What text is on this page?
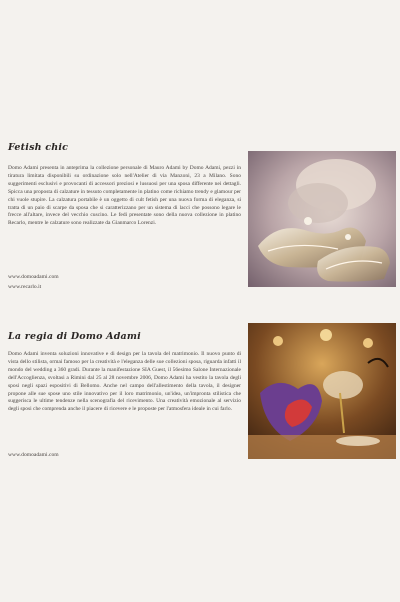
Fetish chic
Domo Adami presenta in anteprima la collezione personale di Mauro Adami by Domo Adami, pezzi in tiratura limitata disponibili su ordinazione solo nell'Atelier di via Manzoni, 23 a Milano. Sono suggerimenti esclusivi e provocanti di accessori preziosi e lussuosi per una sposa differente nei dettagli. Spicca una proposta di calzature in tessuto completamente in platino come richiamo trendy e glamour per chi vuole stupire. La calzatura portabile è un oggetto di cult fetish per una nuova forma di eleganza, si tratta di un paio di scarpe da sposa che si caratterizzano per un sistema di lacci che possono legare le frecce all'altare, invece del vecchio cuscino. Le fedi presentate sono della nuova collezione in platino Recarlo, mentre le calzature sono realizzate da Gianmarco Lorenzi.
www.domoadami.com
www.recarlo.it
La regia di Domo Adami
Domo Adami inventa soluzioni innovative e di design per la tavola del matrimonio. Il nuovo punto di vista dello stilista, ormai famoso per la creatività e l'eleganza delle sue collezioni sposa, riguarda infatti il mondo del wedding a 360 gradi. Durante la manifestazione SIA Guest, il 56esimo Salone Internazionale dell'Accoglienza, svoltasi a Rimini dal 25 al 28 novembre 2006, Domo Adami ha vestito la tavola degli sposi negli spazi espositivi di Bellomo. Anche nel campo dell'allestimento della tavola, il designer propone alle sue spose uno stile innovativo per il loro matrimonio, un'idea, un'impronta stilistica che suggerisca le ultime tendenze nella scenografia del ricevimento. Una creatività emozionale al servizio degli sposi che comprenda anche il piacere di ricevere e le proposte per l'atmosfera ideale in cui farlo.
www.domoadami.com
